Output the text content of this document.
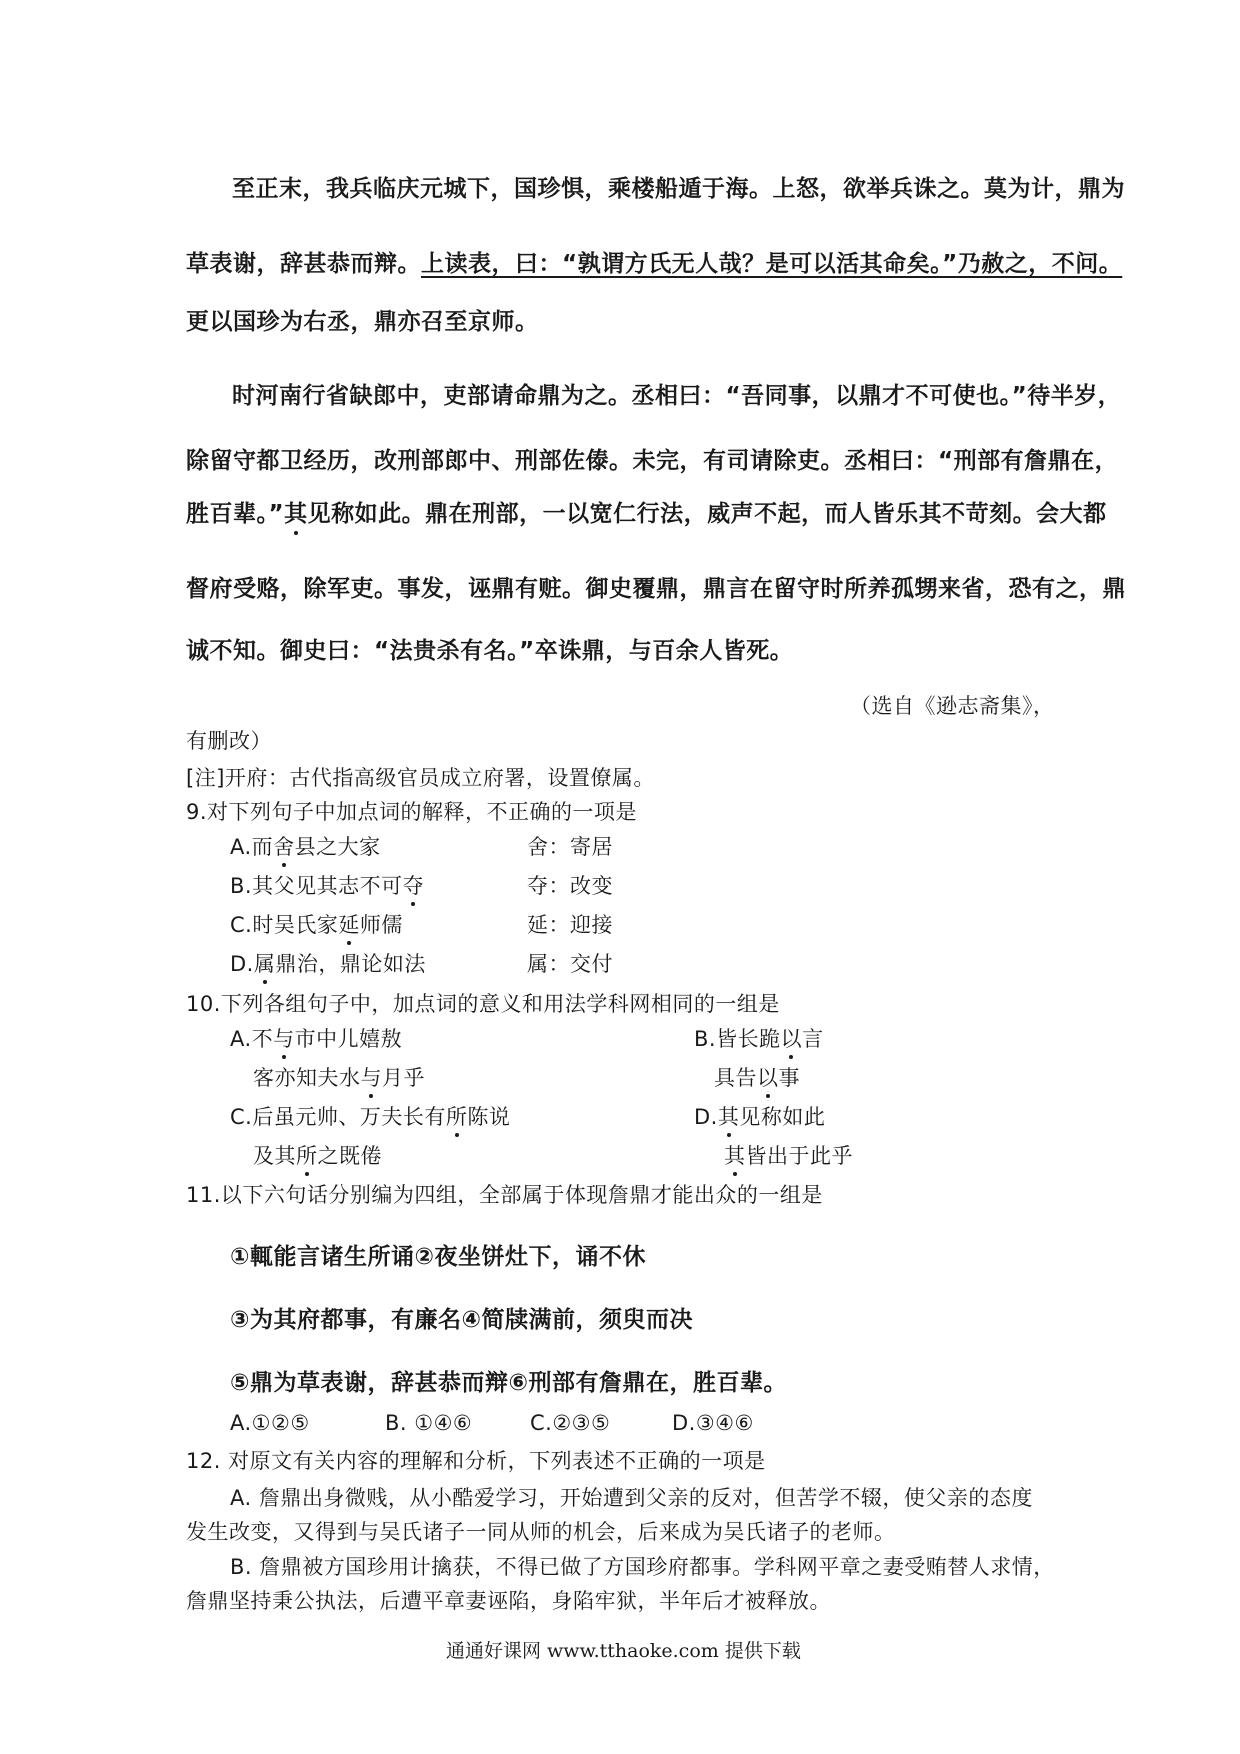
至正末，我兵临庆元城下，国珍惧，乘楼船遁于海。上怒，欲举兵诛之。莫为计，鼎为
草表谢，辞甚恭而辩。上读表，曰：“孰谓方氏无人哉？是可以活其命矣。”乃赦之，不问。
更以国珍为右丞，鼎亦召至京师。
时河南行省缺郎中，吏部请命鼎为之。丞相曰：“吾同事，以鼎才不可使也。”待半岁，
除留守都卫经历，改刑部郎中、刑部佐傣。未完，有司请除吏。丞相曰：“刑部有詹鼎在，
胜百辈。”其见称如此。鼎在刑部，一以宽仁行法，威声不起，而人皆乐其不苛刻。会大都
督府受赂，除军吏。事发，诬鼎有赃。御史覆鼎，鼎言在留守时所养孤甥来省，恐有之，鼎
诚不知。御史曰：“法贵杀有名。”卒诛鼎，与百余人皆死。
（选自《逊志斋集》，
有删改）
[注]开府：古代指高级官员成立府署，设置僚属。
9.对下列句子中加点词的解释，不正确的一项是
A.而舍县之大家	舍：寄居
B.其父见其志不可夺	夺：改变
C.时吴氏家延师儒	延：迎接
D.属鼎治，鼎论如法	属：交付
10.下列各组句子中，加点词的意义和用法学科网相同的一组是
A.不与市中儿嬉敖	B.皆长跪以言
客亦知夫水与月乎	具告以事
C.后虽元帅、万夫长有所陈说	D.其见称如此
及其所之既倦	其皆出于此乎
11.以下六句话分别编为四组，全部属于体现詹鼎才能出众的一组是
①輒能言诸生所诵②夜坐饼灶下，诵不休
③为其府都事，有廉名④简牍满前，须臾而决
⑤鼎为草表谢，辞甚恭而辩⑥刑部有詹鼎在，胜百辈。
A.①②⑤	B. ①④⑥	C.②③⑤	D.③④⑥
12. 对原文有关内容的理解和分析，下列表述不正确的一项是
A. 詹鼎出身微贱，从小酷爱学习，开始遭到父亲的反对，但苦学不辍，使父亲的态度
发生改变，又得到与吴氏诸子一同从师的机会，后来成为吴氏诸子的老师。
B. 詹鼎被方国珍用计擒获，不得已做了方国珍府都事。学科网平章之妻受贿替人求情，
詹鼎坚持秉公执法，后遭平章妻诬陷，身陷牢狱，半年后才被释放。
通通好课网 www.tthaoke.com 提供下载
